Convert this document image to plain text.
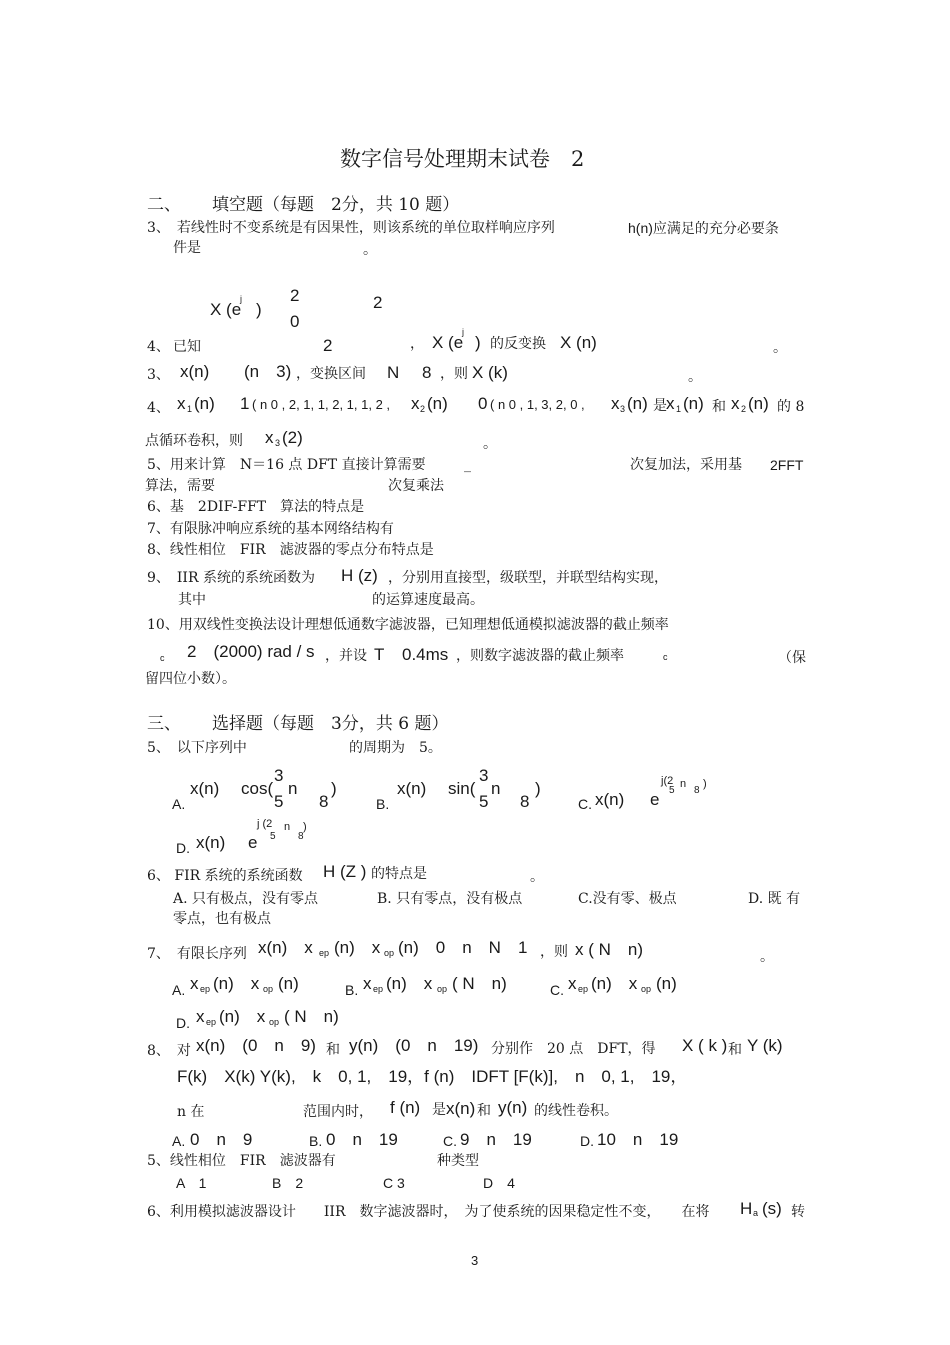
数字信号处理期末试卷　2
二、 填空题（每题　2分，共 10 题）
3、　若线性时不变系统是有因果性，则该系统的单位取样响应序列	h(n)应满足的充分必要条
件是	。
X (e
j
)
2
0
2
4、 已知	2	， X (e
j
) 的反变换 X (n)	。
3、 x(n) (n　3) ，变换区间 N 8 ，则 X (k)	。
4、 x 1 (n) 1 ( n 0 , 2, 1, 1, 2, 1, 1, 2 , x 2 (n) 0 ( n 0 , 1, 3, 2, 0 , x 3 (n) 是 x 1 (n) 和 x 2 (n) 的 8
点循环卷积，则 x 3 (2)	。
5、用来计算　N＝16 点 DFT 直接计算需要	_	次复加法，采用基 2FFT
算法，需要	次复乘法
6、基　2DIF-FFT　算法的特点是
7、有限脉冲响应系统的基本网络结构有
8、线性相位　FIR　滤波器的零点分布特点是
9、　IIR 系统的系统函数为 H (z) ，分别用直接型，级联型，并联型结构实现，
其中	的运算速度最高。
10、用双线性变换法设计理想低通数字滤波器，已知理想低通模拟滤波器的截止频率
c 2　(2000) rad / s ，并设 T 0.4ms ，则数字滤波器的截止频率	c	（保
留四位小数）。
三、 选择题（每题　3分，共 6 题）
5、　以下序列中	的周期为　5。
A.
x(n) cos(
3
5
n
8
)
B.
x(n) sin(
3
5
n
8
)
C. x(n) e
j(2
5
n
8
)
D. x(n) e
j (2 n
5 8
)
6、 FIR 系统的系统函数 H (Z ) 的特点是	。
A. 只有极点，没有零点	B. 只有零点，没有极点	C.没有零、极点	D. 既 有
零点，也有极点
7、　有限长序列 x(n)　x ep (n)　x op (n)　0　n　N　1 ，则 x ( N　n)	。
A. x ep (n)　x op (n)	B. x ep (n)　x op ( N　n)	C. x ep (n)　x op (n)
D. x ep (n)　x op ( N　n)
8、　对 x(n)　(0　n　9) 和 y(n)　(0　n　19) 分别作　20 点　DFT，得 X ( k ) 和 Y (k)
F(k)　X(k) Y(k),　k　0, 1,　19，f (n)　IDFT [F(k)],　n　0, 1,　19，
n 在	范围内时， f (n) 是 x(n) 和 y(n) 的线性卷积。
A. 0　n　9	B. 0　n　19	C. 9　n　19	D. 10　n　19
5、线性相位　FIR　滤波器有	种类型
A　1	B　2	C 3	D　4
6、利用模拟滤波器设计　　IIR　数字滤波器时，　为了使系统的因果稳定性不变，　　在将 H a (s) 转
3
